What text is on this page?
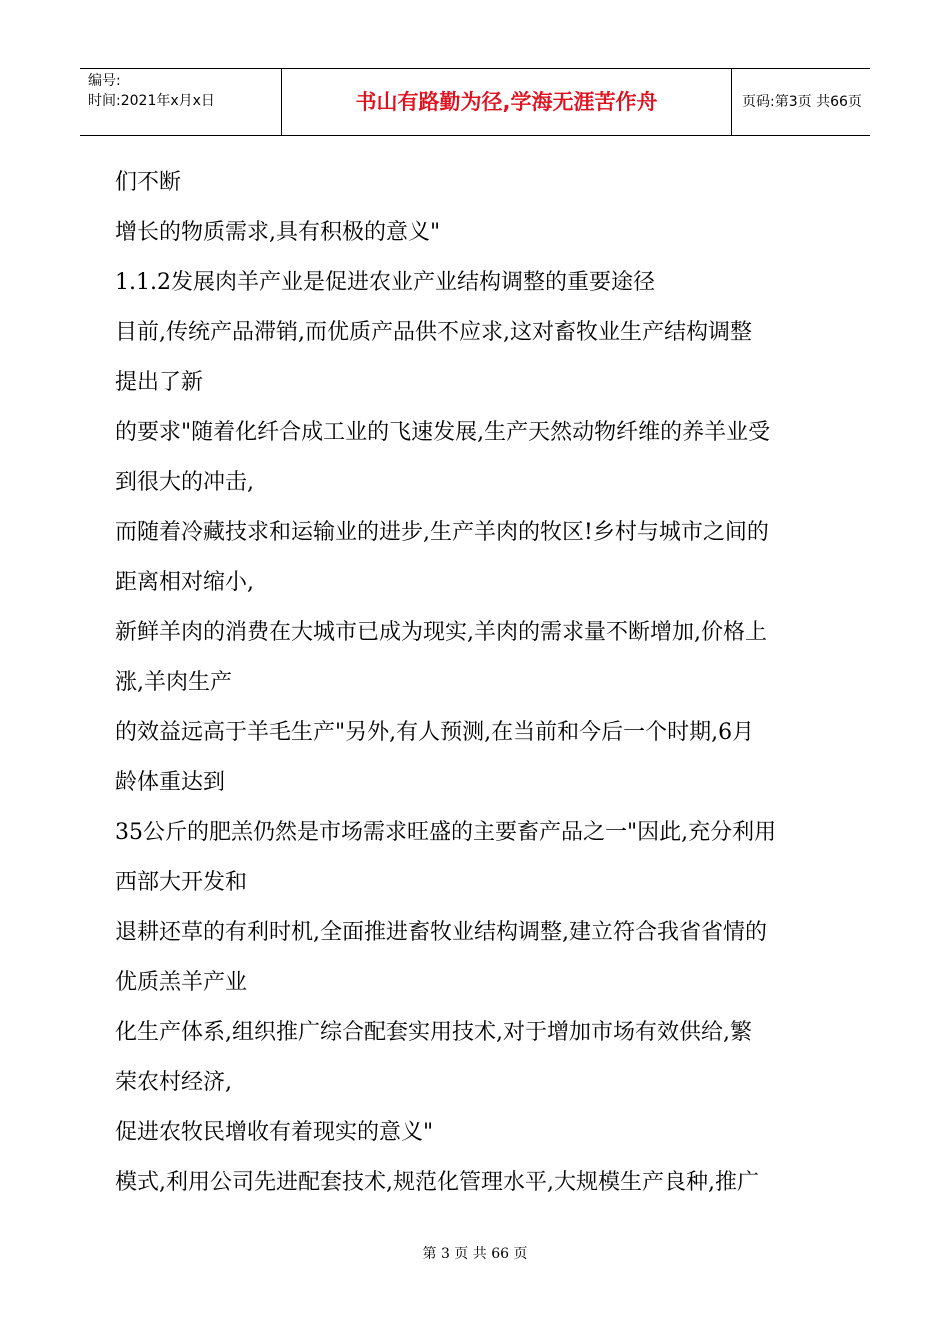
编号:
时间:2021年x月x日	书山有路勤为径,学海无涯苦作舟	页码:第3页 共66页

们不断

增长的物质需求,具有积极的意义"

1.1.2发展肉羊产业是促进农业产业结构调整的重要途径

目前,传统产品滞销,而优质产品供不应求,这对畜牧业生产结构调整

提出了新

的要求"随着化纤合成工业的飞速发展,生产天然动物纤维的养羊业受

到很大的冲击,

而随着冷藏技求和运输业的进步,生产羊肉的牧区!乡村与城市之间的

距离相对缩小,

新鲜羊肉的消费在大城市已成为现实,羊肉的需求量不断增加,价格上

涨,羊肉生产

的效益远高于羊毛生产"另外,有人预测,在当前和今后一个时期,6月

龄体重达到

35公斤的肥羔仍然是市场需求旺盛的主要畜产品之一"因此,充分利用

西部大开发和

退耕还草的有利时机,全面推进畜牧业结构调整,建立符合我省省情的

优质羔羊产业

化生产体系,组织推广综合配套实用技术,对于增加市场有效供给,繁

荣农村经济,

促进农牧民增收有着现实的意义"

模式,利用公司先进配套技术,规范化管理水平,大规模生产良种,推广

第 3 页 共 66 页
